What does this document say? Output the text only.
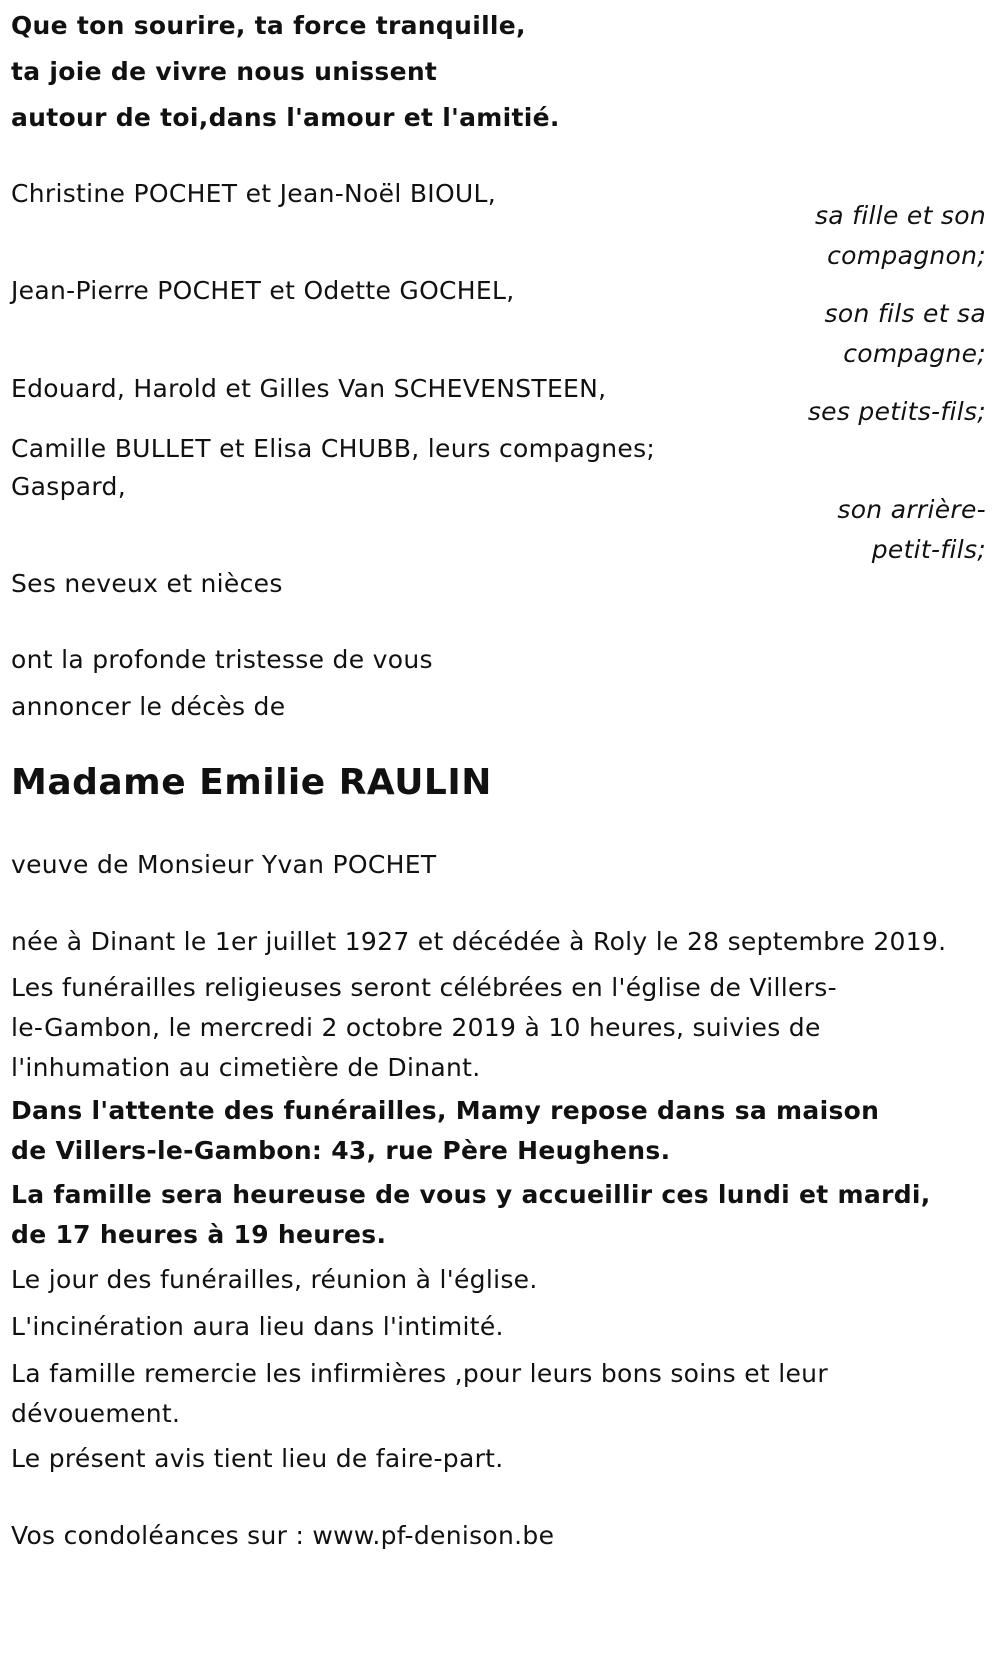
Que ton sourire, ta force tranquille,

ta joie de vivre nous unissent

autour de toi,dans l'amour et l'amitié.

Christine POCHET et Jean-Noël BIOUL,

sa fille et son compagnon;

Jean-Pierre POCHET et Odette GOCHEL,

son fils et sa compagne;

Edouard, Harold et Gilles Van SCHEVENSTEEN,

ses petits-fils;

Camille BULLET et Elisa CHUBB, leurs compagnes;

Gaspard,

son arrière-petit-fils;

Ses neveux et nièces

ont la profonde tristesse de vous

annoncer le décès de

Madame Emilie RAULIN

veuve de Monsieur Yvan POCHET

née à Dinant le 1er juillet 1927 et décédée à Roly le 28 septembre 2019.

Les funérailles religieuses seront célébrées en l'église de Villers-le-Gambon, le mercredi 2 octobre 2019 à 10 heures, suivies de l'inhumation au cimetière de Dinant.

Dans l'attente des funérailles, Mamy repose dans sa maison de Villers-le-Gambon: 43, rue Père Heughens.

La famille sera heureuse de vous y accueillir ces lundi et mardi, de 17 heures à 19 heures.

Le jour des funérailles, réunion à l'église.

L'incinération aura lieu dans l'intimité.

La famille remercie les infirmières ,pour leurs bons soins et leur dévouement.

Le présent avis tient lieu de faire-part.

Vos condoléances sur : www.pf-denison.be
